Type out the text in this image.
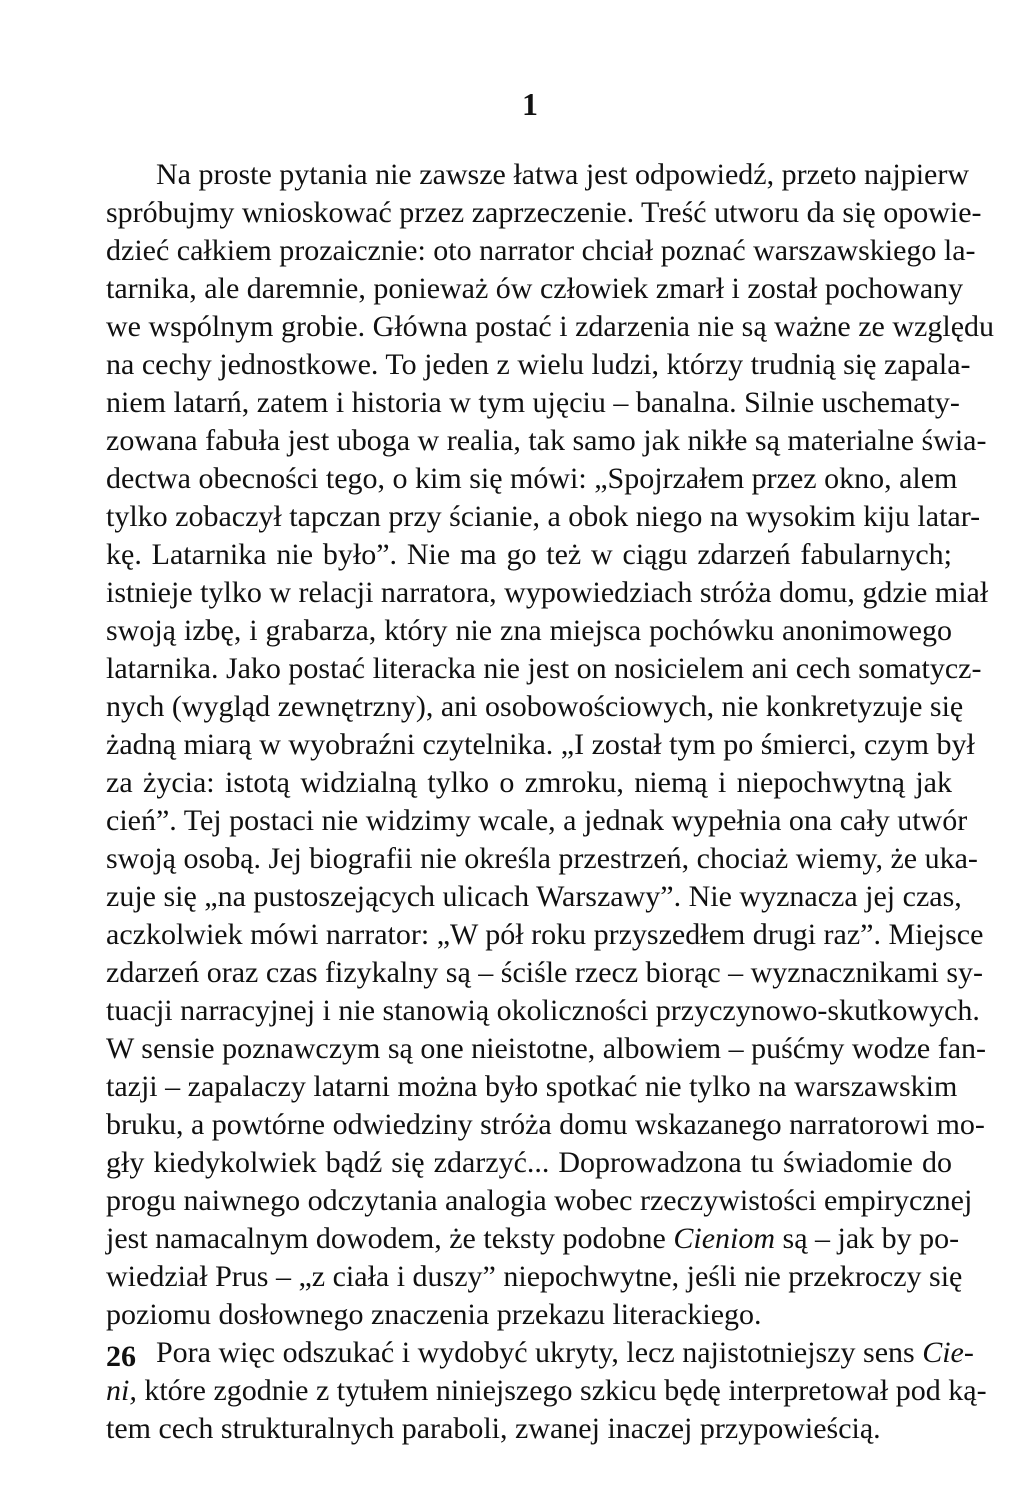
1
Na proste pytania nie zawsze łatwa jest odpowiedź, przeto najpierw
spróbujmy wnioskować przez zaprzeczenie. Treść utworu da się opowie-
dzieć całkiem prozaicznie: oto narrator chciał poznać warszawskiego la-
tarnika, ale daremnie, ponieważ ów człowiek zmarł i został pochowany
we wspólnym grobie. Główna postać i zdarzenia nie są ważne ze względu
na cechy jednostkowe. To jeden z wielu ludzi, którzy trudnią się zapala-
niem latarń, zatem i historia w tym ujęciu – banalna. Silnie uschematy-
zowana fabuła jest uboga w realia, tak samo jak nikłe są materialne świa-
dectwa obecności tego, o kim się mówi: „Spojrzałem przez okno, alem
tylko zobaczył tapczan przy ścianie, a obok niego na wysokim kiju latar-
kę. Latarnika nie było”. Nie ma go też w ciągu zdarzeń fabularnych;
istnieje tylko w relacji narratora, wypowiedziach stróża domu, gdzie miał
swoją izbę, i grabarza, który nie zna miejsca pochówku anonimowego
latarnika. Jako postać literacka nie jest on nosicielem ani cech somatycz-
nych (wygląd zewnętrzny), ani osobowościowych, nie konkretyzuje się
żadną miarą w wyobraźni czytelnika. „I został tym po śmierci, czym był
za życia: istotą widzialną tylko o zmroku, niemą i niepochwytną jak
cień”. Tej postaci nie widzimy wcale, a jednak wypełnia ona cały utwór
swoją osobą. Jej biografii nie określa przestrzeń, chociaż wiemy, że uka-
zuje się „na pustoszejących ulicach Warszawy”. Nie wyznacza jej czas,
aczkolwiek mówi narrator: „W pół roku przyszedłem drugi raz”. Miejsce
zdarzeń oraz czas fizykalny są – ściśle rzecz biorąc – wyznacznikami sy-
tuacji narracyjnej i nie stanowią okoliczności przyczynowo-skutkowych.
W sensie poznawczym są one nieistotne, albowiem – puśćmy wodze fan-
tazji – zapalaczy latarni można było spotkać nie tylko na warszawskim
bruku, a powtórne odwiedziny stróża domu wskazanego narratorowi mo-
gły kiedykolwiek bądź się zdarzyć... Doprowadzona tu świadomie do
progu naiwnego odczytania analogia wobec rzeczywistości empirycznej
jest namacalnym dowodem, że teksty podobne Cieniom są – jak by po-
wiedział Prus – „z ciała i duszy” niepochwytne, jeśli nie przekroczy się
poziomu dosłownego znaczenia przekazu literackiego.
Pora więc odszukać i wydobyć ukryty, lecz najistotniejszy sens Cie-
ni, które zgodnie z tytułem niniejszego szkicu będę interpretował pod ką-
tem cech strukturalnych paraboli, zwanej inaczej przypowieścią.
26
